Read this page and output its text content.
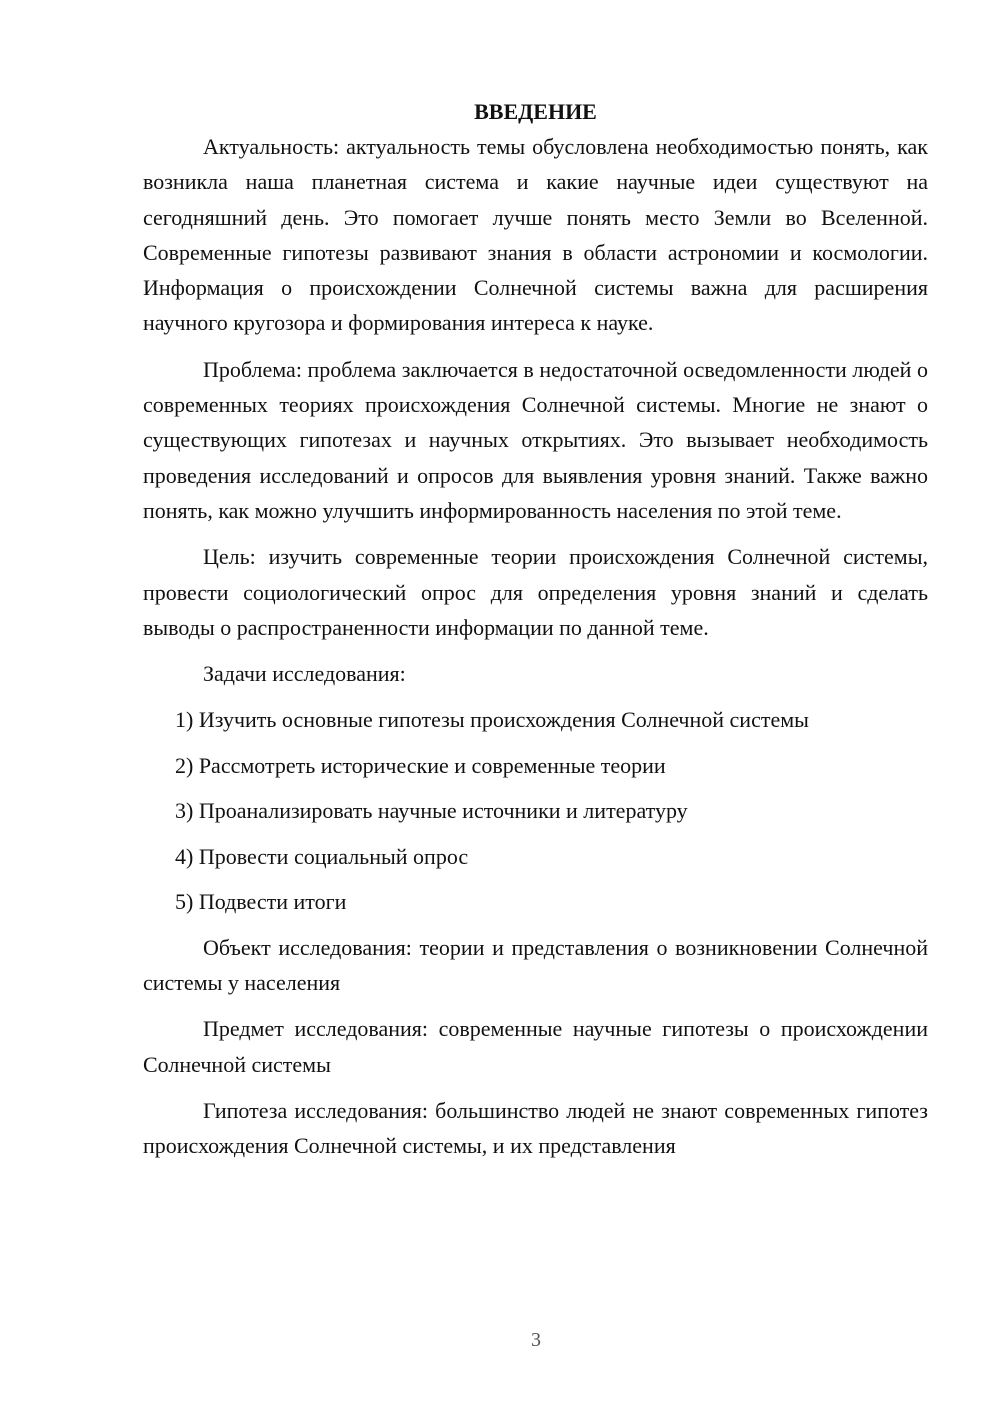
ВВЕДЕНИЕ

Актуальность: актуальность темы обусловлена необходимостью понять, как возникла наша планетная система и какие научные идеи существуют на сегодняшний день. Это помогает лучше понять место Земли во Вселенной. Современные гипотезы развивают знания в области астрономии и космологии. Информация о происхождении Солнечной системы важна для расширения научного кругозора и формирования интереса к науке.

Проблема: проблема заключается в недостаточной осведомленности людей о современных теориях происхождения Солнечной системы. Многие не знают о существующих гипотезах и научных открытиях. Это вызывает необходимость проведения исследований и опросов для выявления уровня знаний. Также важно понять, как можно улучшить информированность населения по этой теме.

Цель: изучить современные теории происхождения Солнечной системы, провести социологический опрос для определения уровня знаний и сделать выводы о распространенности информации по данной теме.

Задачи исследования:

1) Изучить основные гипотезы происхождения Солнечной системы
2) Рассмотреть исторические и современные теории
3) Проанализировать научные источники и литературу
4) Провести социальный опрос
5) Подвести итоги

Объект исследования: теории и представления о возникновении Солнечной системы у населения

Предмет исследования: современные научные гипотезы о происхождении Солнечной системы

Гипотеза исследования: большинство людей не знают современных гипотез происхождения Солнечной системы, и их представления

3
